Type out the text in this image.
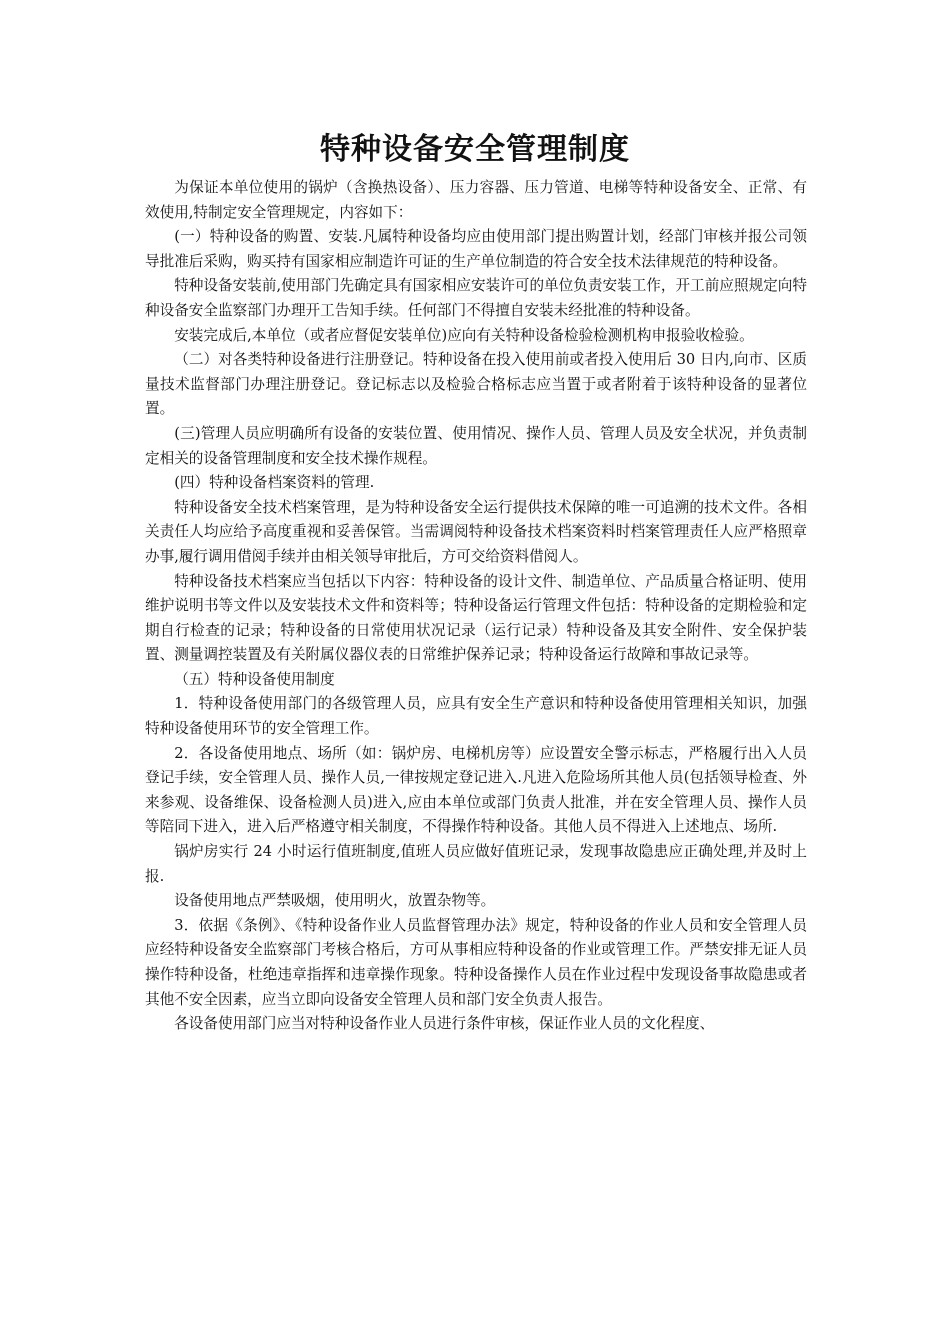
特种设备安全管理制度

为保证本单位使用的锅炉（含换热设备）、压力容器、压力管道、电梯等特种设备安全、正常、有效使用,特制定安全管理规定，内容如下：

(一）特种设备的购置、安装.凡属特种设备均应由使用部门提出购置计划，经部门审核并报公司领导批准后采购，购买持有国家相应制造许可证的生产单位制造的符合安全技术法律规范的特种设备。

特种设备安装前,使用部门先确定具有国家相应安装许可的单位负责安装工作，开工前应照规定向特种设备安全监察部门办理开工告知手续。任何部门不得擅自安装未经批准的特种设备。

安装完成后,本单位（或者应督促安装单位)应向有关特种设备检验检测机构申报验收检验。

（二）对各类特种设备进行注册登记。特种设备在投入使用前或者投入使用后 30 日内,向市、区质量技术监督部门办理注册登记。登记标志以及检验合格标志应当置于或者附着于该特种设备的显著位置。

(三)管理人员应明确所有设备的安装位置、使用情况、操作人员、管理人员及安全状况，并负责制定相关的设备管理制度和安全技术操作规程。

(四）特种设备档案资料的管理.

特种设备安全技术档案管理，是为特种设备安全运行提供技术保障的唯一可追溯的技术文件。各相关责任人均应给予高度重视和妥善保管。当需调阅特种设备技术档案资料时档案管理责任人应严格照章办事,履行调用借阅手续并由相关领导审批后，方可交给资料借阅人。

特种设备技术档案应当包括以下内容：特种设备的设计文件、制造单位、产品质量合格证明、使用维护说明书等文件以及安装技术文件和资料等；特种设备运行管理文件包括：特种设备的定期检验和定期自行检查的记录；特种设备的日常使用状况记录（运行记录）特种设备及其安全附件、安全保护装置、测量调控装置及有关附属仪器仪表的日常维护保养记录；特种设备运行故障和事故记录等。

（五）特种设备使用制度

1．特种设备使用部门的各级管理人员，应具有安全生产意识和特种设备使用管理相关知识，加强特种设备使用环节的安全管理工作。

2．各设备使用地点、场所（如：锅炉房、电梯机房等）应设置安全警示标志，严格履行出入人员登记手续，安全管理人员、操作人员,一律按规定登记进入.凡进入危险场所其他人员(包括领导检查、外来参观、设备维保、设备检测人员)进入,应由本单位或部门负责人批准，并在安全管理人员、操作人员等陪同下进入，进入后严格遵守相关制度，不得操作特种设备。其他人员不得进入上述地点、场所.

锅炉房实行 24 小时运行值班制度,值班人员应做好值班记录，发现事故隐患应正确处理,并及时上报.

设备使用地点严禁吸烟，使用明火，放置杂物等。

3．依据《条例》、《特种设备作业人员监督管理办法》规定，特种设备的作业人员和安全管理人员应经特种设备安全监察部门考核合格后，方可从事相应特种设备的作业或管理工作。严禁安排无证人员操作特种设备，杜绝违章指挥和违章操作现象。特种设备操作人员在作业过程中发现设备事故隐患或者其他不安全因素，应当立即向设备安全管理人员和部门安全负责人报告。

各设备使用部门应当对特种设备作业人员进行条件审核，保证作业人员的文化程度、
